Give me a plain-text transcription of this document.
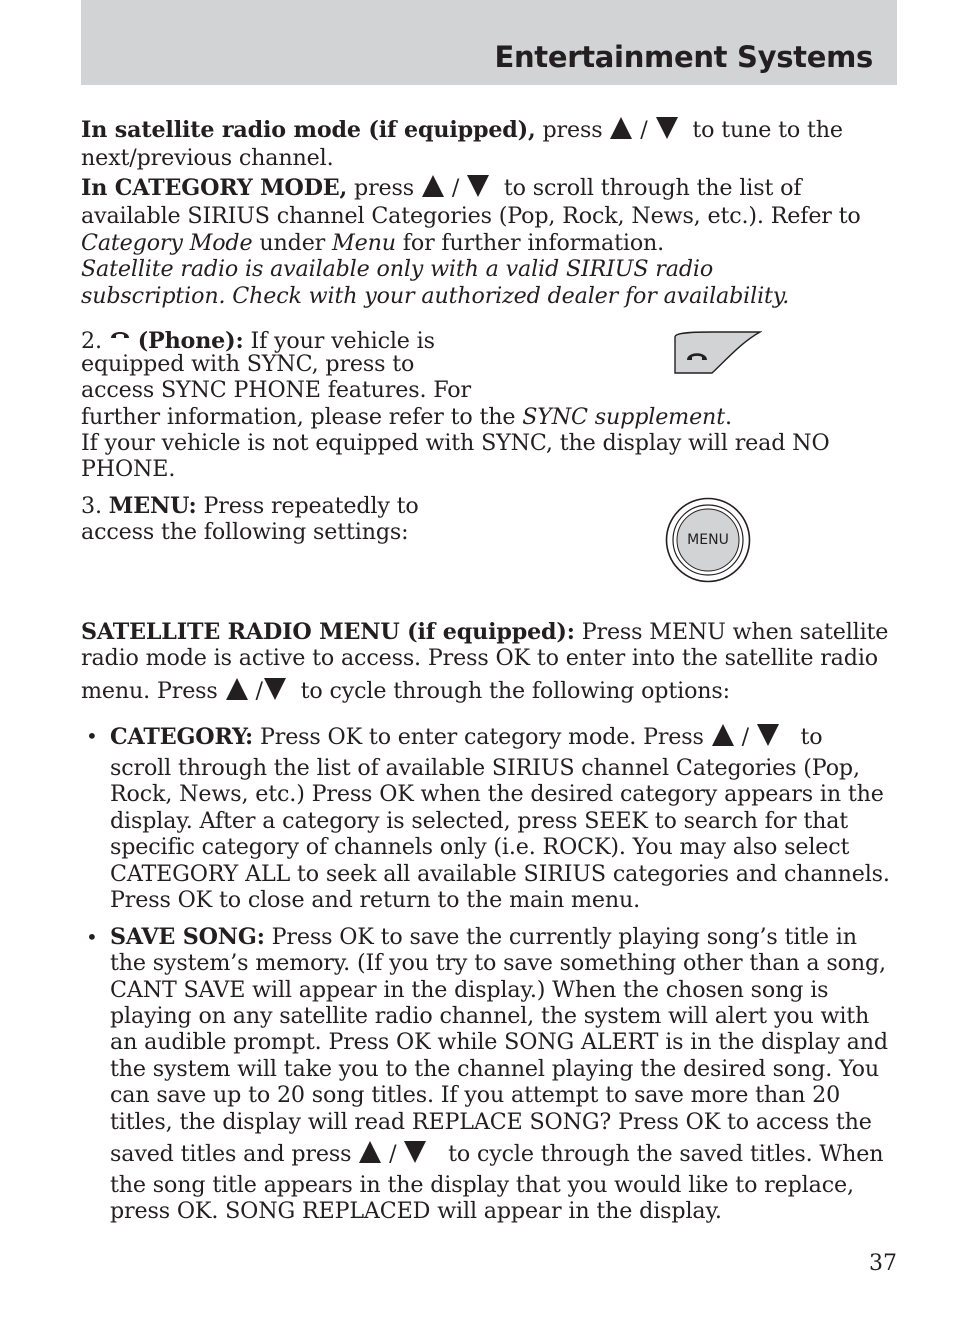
Entertainment Systems
In satellite radio mode (if equipped), press / to tune to the
next/previous channel.
In CATEGORY MODE, press / to scroll through the list of
available SIRIUS channel Categories (Pop, Rock, News, etc.). Refer to
Category Mode under Menu for further information.
Satellite radio is available only with a valid SIRIUS radio
subscription. Check with your authorized dealer for availability.
2. (Phone): If your vehicle is
equipped with SYNC, press to
access SYNC PHONE features. For
further information, please refer to the SYNC supplement.
If your vehicle is not equipped with SYNC, the display will read NO
PHONE.
3. MENU: Press repeatedly to
access the following settings:	MENU
SATELLITE RADIO MENU (if equipped): Press MENU when satellite
radio mode is active to access. Press OK to enter into the satellite radio
menu. Press / to cycle through the following options:
• CATEGORY: Press OK to enter category mode. Press / to
scroll through the list of available SIRIUS channel Categories (Pop,
Rock, News, etc.) Press OK when the desired category appears in the
display. After a category is selected, press SEEK to search for that
specific category of channels only (i.e. ROCK). You may also select
CATEGORY ALL to seek all available SIRIUS categories and channels.
Press OK to close and return to the main menu.
• SAVE SONG: Press OK to save the currently playing song’s title in
the system’s memory. (If you try to save something other than a song,
CANT SAVE will appear in the display.) When the chosen song is
playing on any satellite radio channel, the system will alert you with
an audible prompt. Press OK while SONG ALERT is in the display and
the system will take you to the channel playing the desired song. You
can save up to 20 song titles. If you attempt to save more than 20
titles, the display will read REPLACE SONG? Press OK to access the
saved titles and press / to cycle through the saved titles. When
the song title appears in the display that you would like to replace,
press OK. SONG REPLACED will appear in the display.
37
